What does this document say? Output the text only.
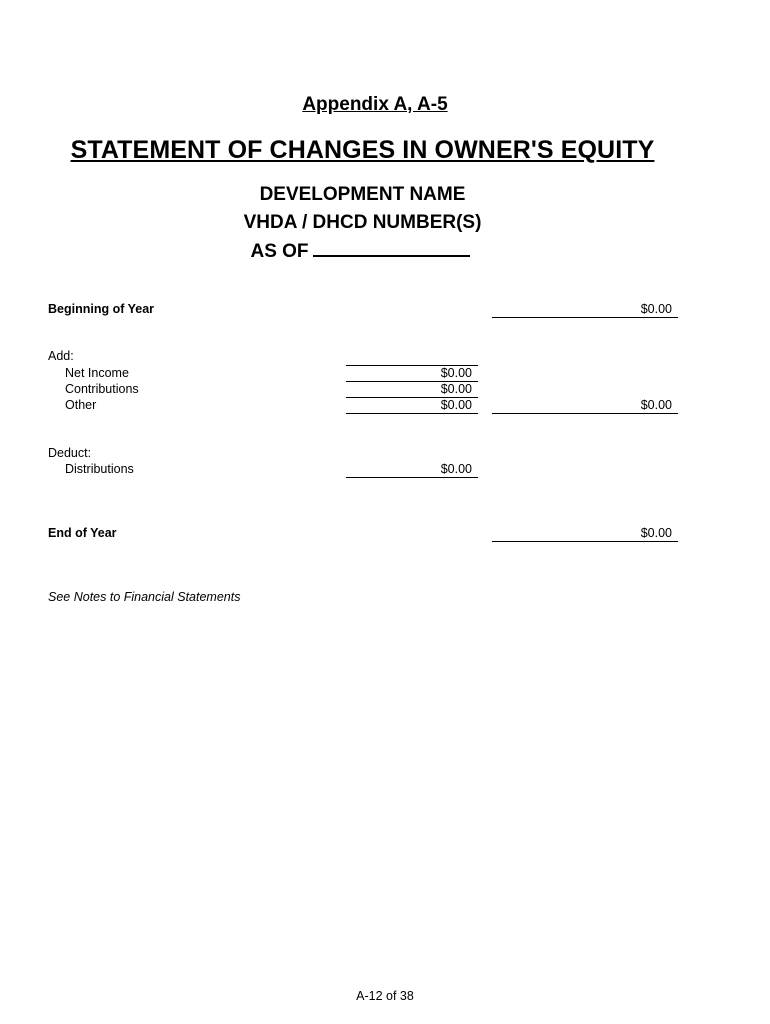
Appendix A, A-5
STATEMENT OF CHANGES IN OWNER'S EQUITY
DEVELOPMENT NAME
VHDA / DHCD NUMBER(S)
AS OF
Beginning of Year	$0.00
Add:
Net Income	$0.00
Contributions	$0.00
Other	$0.00	$0.00
Deduct:
Distributions	$0.00
End of Year	$0.00
See Notes to Financial Statements
A-12 of 38
